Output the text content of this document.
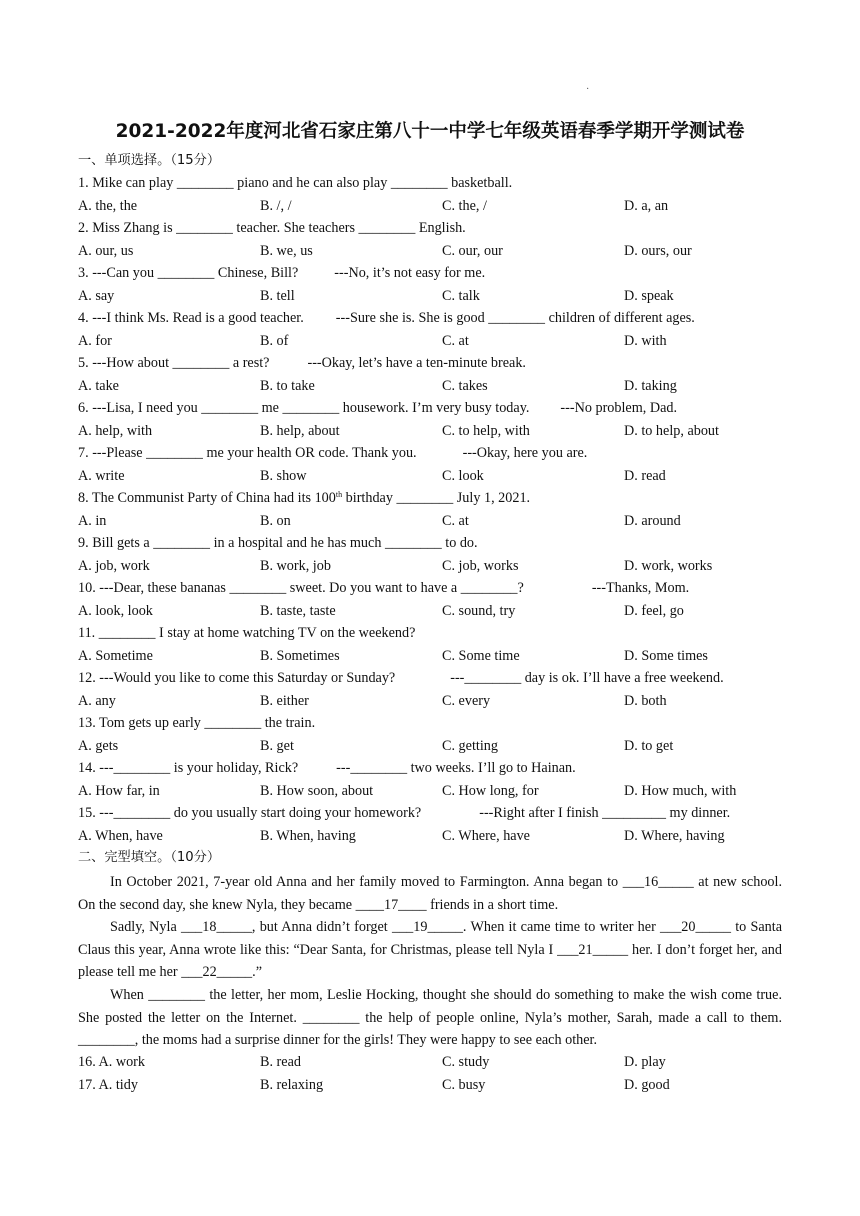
·
2021-2022年度河北省石家庄第八十一中学七年级英语春季学期开学测试卷
一、单项选择。（15分）
1. Mike can play ________ piano and he can also play ________ basketball.
A. the, the	B. /, /	C. the, /	D. a, an
2. Miss Zhang is ________ teacher. She teachers ________ English.
A. our, us	B. we, us	C. our, our	D. ours, our
3. ---Can you ________ Chinese, Bill?	---No, it’s not easy for me.
A. say	B. tell	C. talk	D. speak
4. ---I think Ms. Read is a good teacher. ---Sure she is. She is good ________ children of different ages.
A. for	B. of	C. at	D. with
5. ---How about ________ a rest?	---Okay, let’s have a ten-minute break.
A. take	B. to take	C. takes	D. taking
6. ---Lisa, I need you ________ me ________ housework. I’m very busy today. ---No problem, Dad.
A. help, with	B. help, about	C. to help, with	D. to help, about
7. ---Please ________ me your health OR code. Thank you.	---Okay, here you are.
A. write	B. show	C. look	D. read
8. The Communist Party of China had its 100th birthday ________ July 1, 2021.
A. in	B. on	C. at	D. around
9. Bill gets a ________ in a hospital and he has much ________ to do.
A. job, work	B. work, job	C. job, works	D. work, works
10. ---Dear, these bananas ________ sweet. Do you want to have a ________?	---Thanks, Mom.
A. look, look	B. taste, taste	C. sound, try	D. feel, go
11. ________ I stay at home watching TV on the weekend?
A. Sometime	B. Sometimes	C. Some time	D. Some times
12. ---Would you like to come this Saturday or Sunday?	---________ day is ok. I’ll have a free weekend.
A. any	B. either	C. every	D. both
13. Tom gets up early ________ the train.
A. gets	B. get	C. getting	D. to get
14. ---________ is your holiday, Rick?	---________ two weeks. I’ll go to Hainan.
A. How far, in	B. How soon, about	C. How long, for	D. How much, with
15. ---________ do you usually start doing your homework?	---Right after I finish _________ my dinner.
A. When, have	B. When, having	C. Where, have	D. Where, having
二、完型填空。（10分）
In October 2021, 7-year old Anna and her family moved to Farmington. Anna began to ___16_____ at new school. On the second day, she knew Nyla, they became ____17____ friends in a short time.
Sadly, Nyla ___18_____, but Anna didn’t forget ___19_____. When it came time to writer her ___20_____ to Santa Claus this year, Anna wrote like this: “Dear Santa, for Christmas, please tell Nyla I ___21_____ her. I don’t forget her, and please tell me her ___22_____.”
When ________ the letter, her mom, Leslie Hocking, thought she should do something to make the wish come true. She posted the letter on the Internet. ________ the help of people online, Nyla’s mother, Sarah, made a call to them. ________, the moms had a surprise dinner for the girls! They were happy to see each other.
16. A. work	B. read	C. study	D. play
17. A. tidy	B. relaxing	C. busy	D. good
